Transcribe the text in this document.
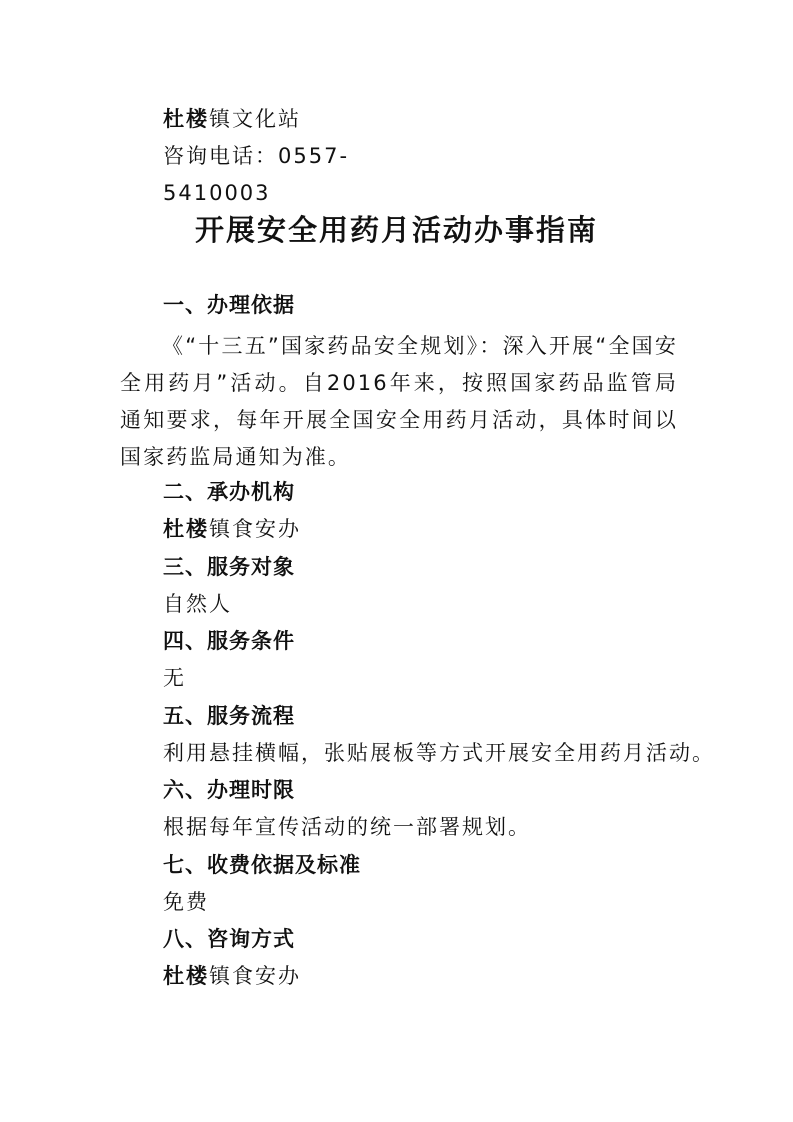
杜楼镇文化站
咨询电话：0557-
5410003
开展安全用药月活动办事指南
一、办理依据
《“十三五”国家药品安全规划》：深入开展“全国安全用药月”活动。自2016年来，按照国家药品监管局通知要求，每年开展全国安全用药月活动，具体时间以国家药监局通知为准。
二、承办机构
杜楼镇食安办
三、服务对象
自然人
四、服务条件
无
五、服务流程
利用悬挂横幅，张贴展板等方式开展安全用药月活动。
六、办理时限
根据每年宣传活动的统一部署规划。
七、收费依据及标准
免费
八、咨询方式
杜楼镇食安办
